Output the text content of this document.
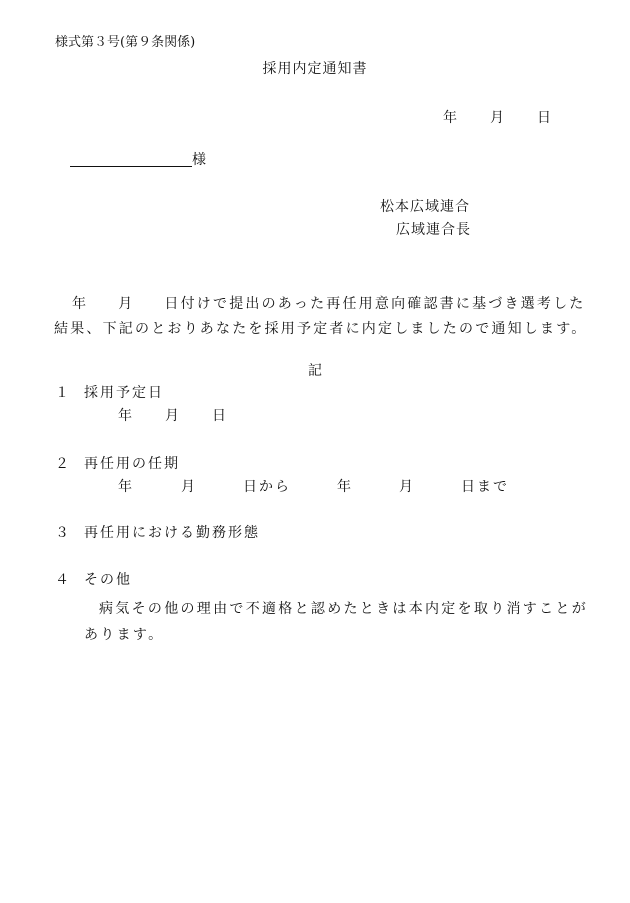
様式第３号(第９条関係)
採用内定通知書
年 月 日
様
松本広域連合
広域連合長
年 月 日付けで提出のあった再任用意向確認書に基づき選考した結果、下記のとおりあなたを採用予定者に内定しましたので通知します。
記
１ 採用予定日
年 月 日
２ 再任用の任期
年	月	日から	年	月	日まで
３ 再任用における勤務形態
４ その他
病気その他の理由で不適格と認めたときは本内定を取り消すことがあります。
